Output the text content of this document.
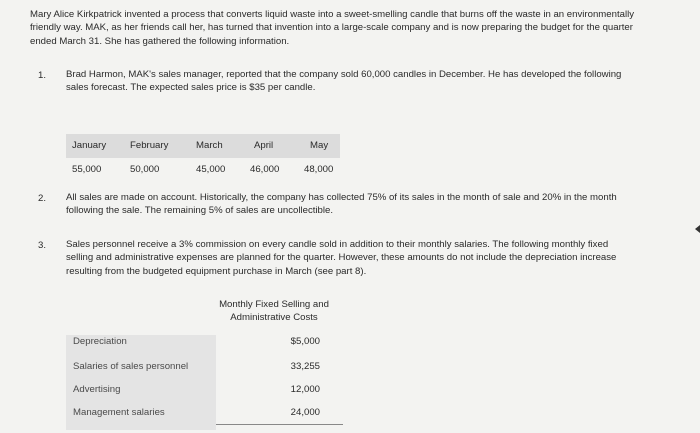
Mary Alice Kirkpatrick invented a process that converts liquid waste into a sweet-smelling candle that burns off the waste in an environmentally friendly way. MAK, as her friends call her, has turned that invention into a large-scale company and is now preparing the budget for the quarter ended March 31. She has gathered the following information.
1. Brad Harmon, MAK's sales manager, reported that the company sold 60,000 candles in December. He has developed the following sales forecast. The expected sales price is $35 per candle.
January February	March	April	May
55,000	50,000	45,000	46,000	48,000
2. All sales are made on account. Historically, the company has collected 75% of its sales in the month of sale and 20% in the month following the sale. The remaining 5% of sales are uncollectible.
3. Sales personnel receive a 3% commission on every candle sold in addition to their monthly salaries. The following monthly fixed selling and administrative expenses are planned for the quarter. However, these amounts do not include the depreciation increase resulting from the budgeted equipment purchase in March (see part 8).
Monthly Fixed Selling and
Administrative Costs
Depreciation	$5,000
Salaries of sales personnel	33,255
Advertising	12,000
Management salaries	24,000
